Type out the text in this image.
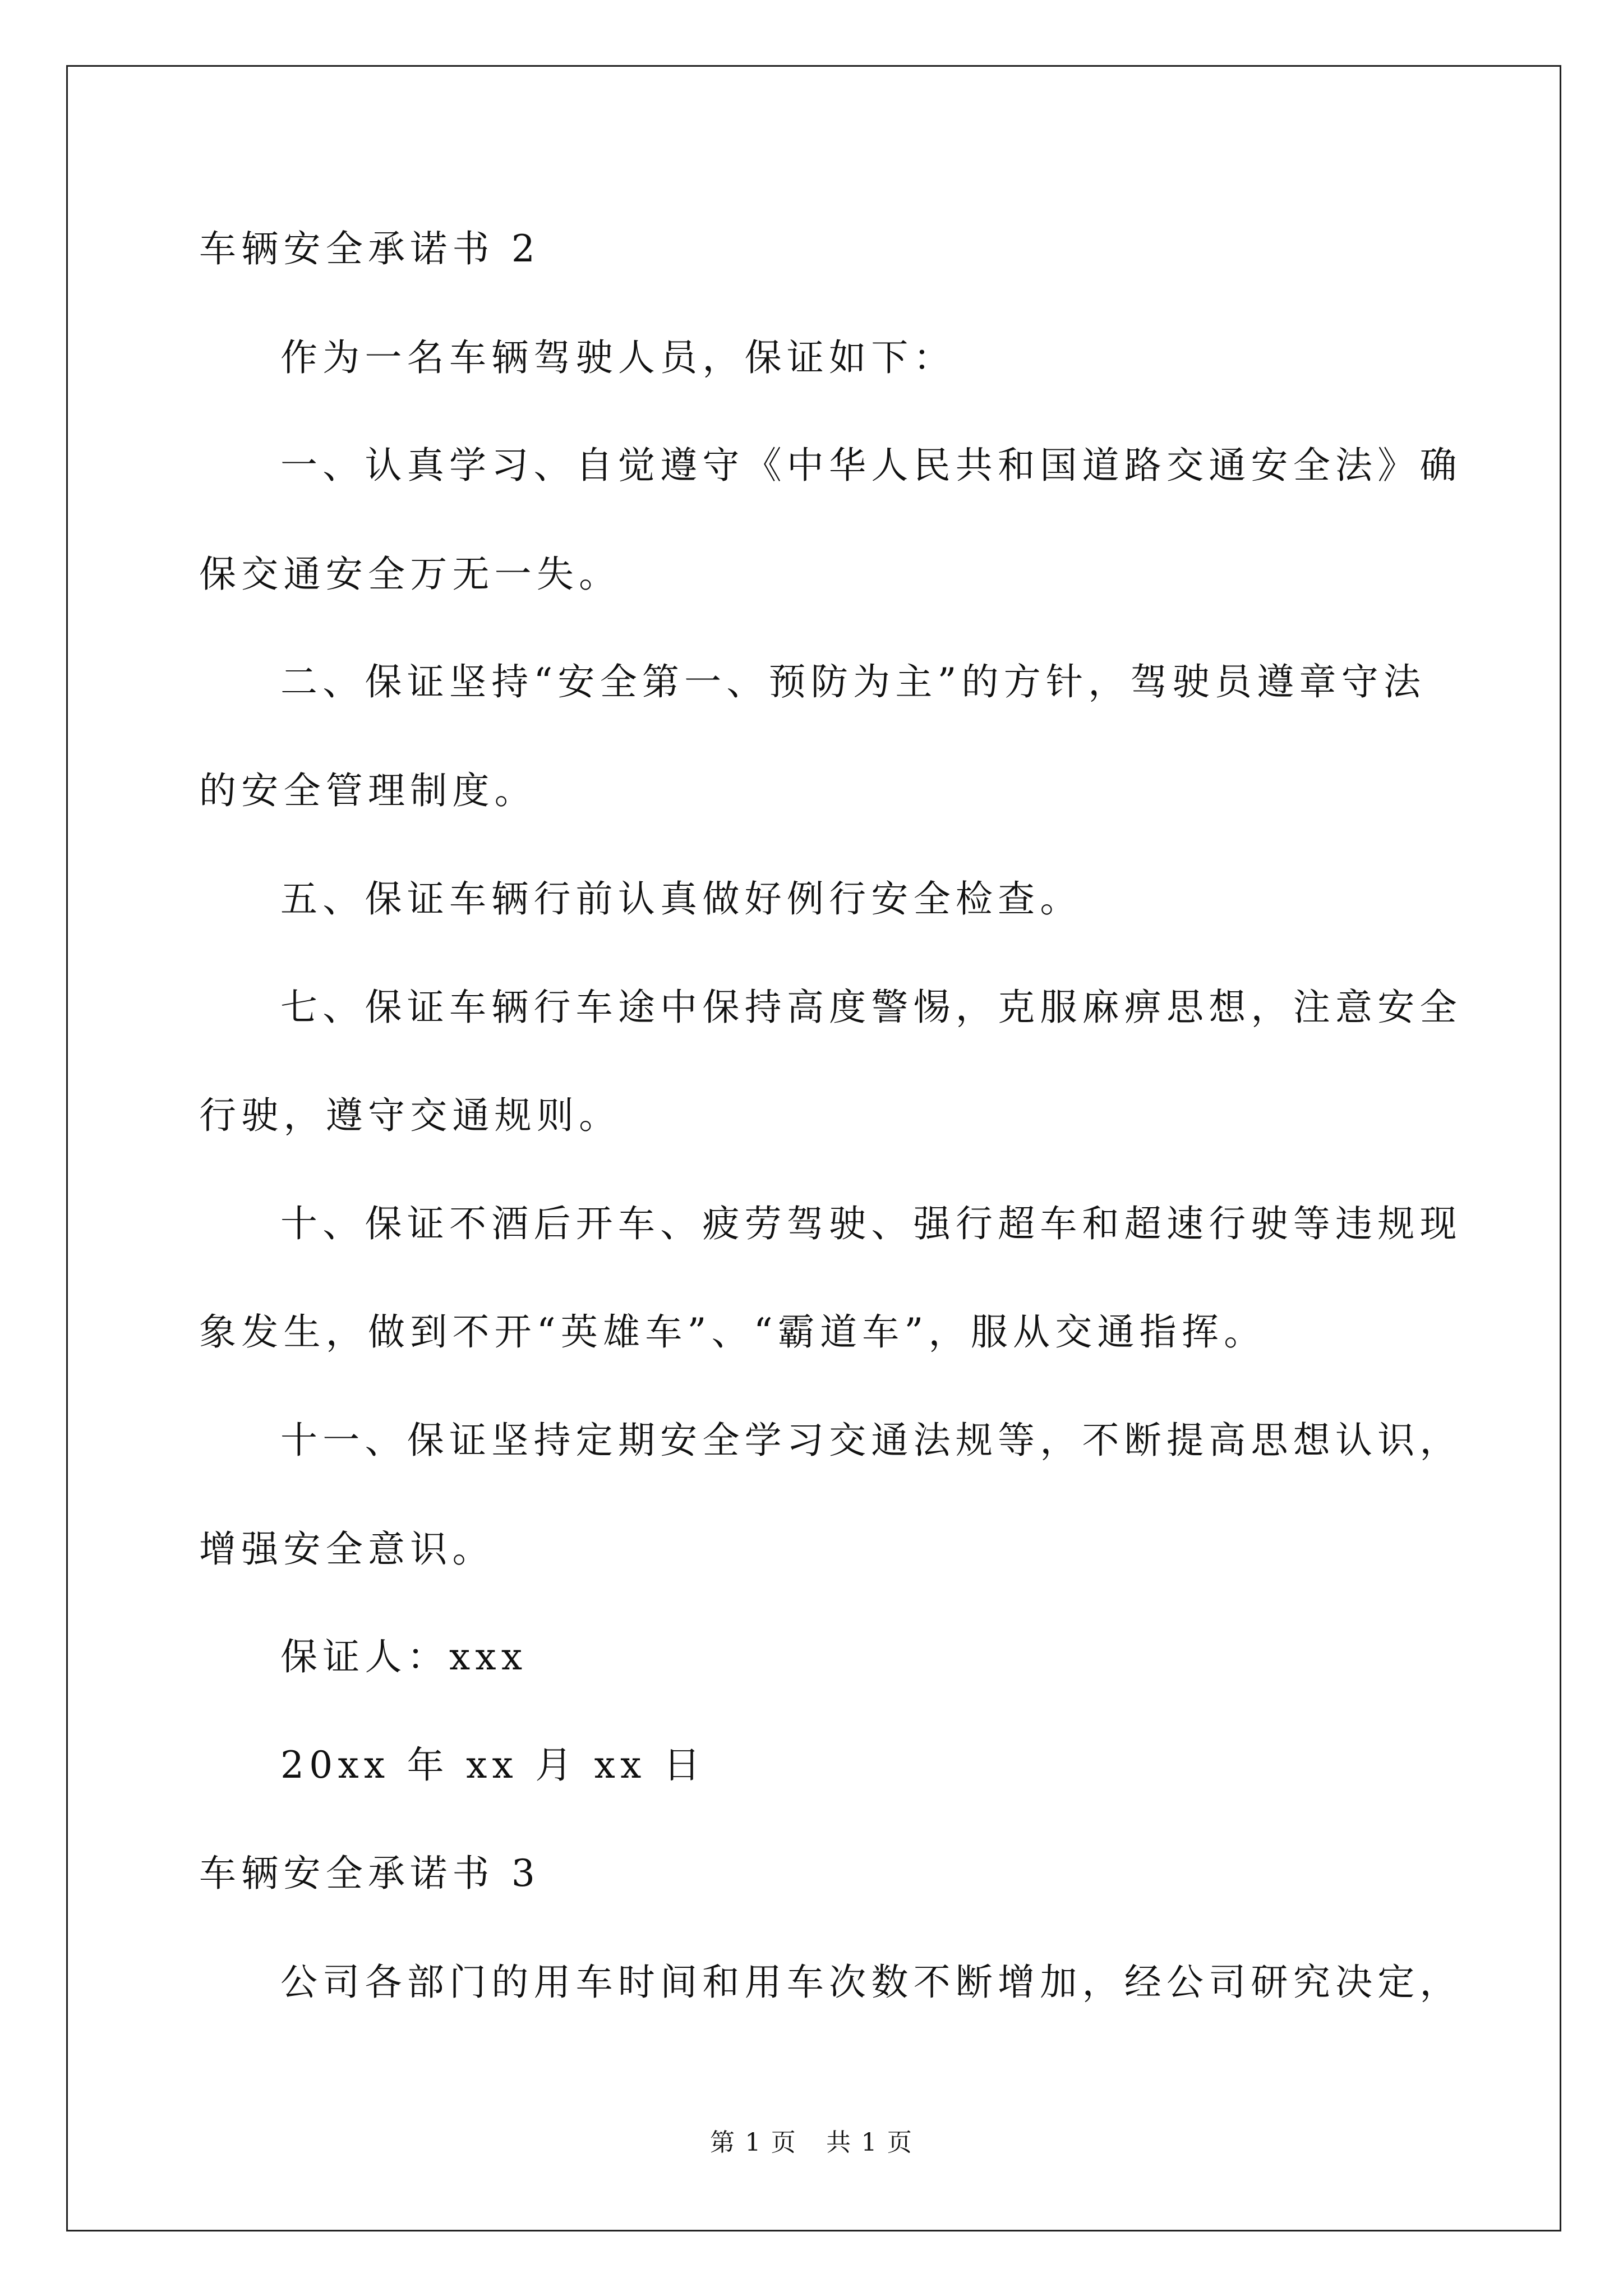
车辆安全承诺书 2
作为一名车辆驾驶人员，保证如下：
一、认真学习、自觉遵守《中华人民共和国道路交通安全法》确
保交通安全万无一失。
二、保证坚持“安全第一、预防为主”的方针，驾驶员遵章守法
的安全管理制度。
五、保证车辆行前认真做好例行安全检查。
七、保证车辆行车途中保持高度警惕，克服麻痹思想，注意安全
行驶，遵守交通规则。
十、保证不酒后开车、疲劳驾驶、强行超车和超速行驶等违规现
象发生，做到不开“英雄车”、“霸道车”，服从交通指挥。
十一、保证坚持定期安全学习交通法规等，不断提高思想认识，
增强安全意识。
保证人：xxx
20xx 年 xx 月 xx 日
车辆安全承诺书 3
公司各部门的用车时间和用车次数不断增加，经公司研究决定，
第 1 页 共 1 页
